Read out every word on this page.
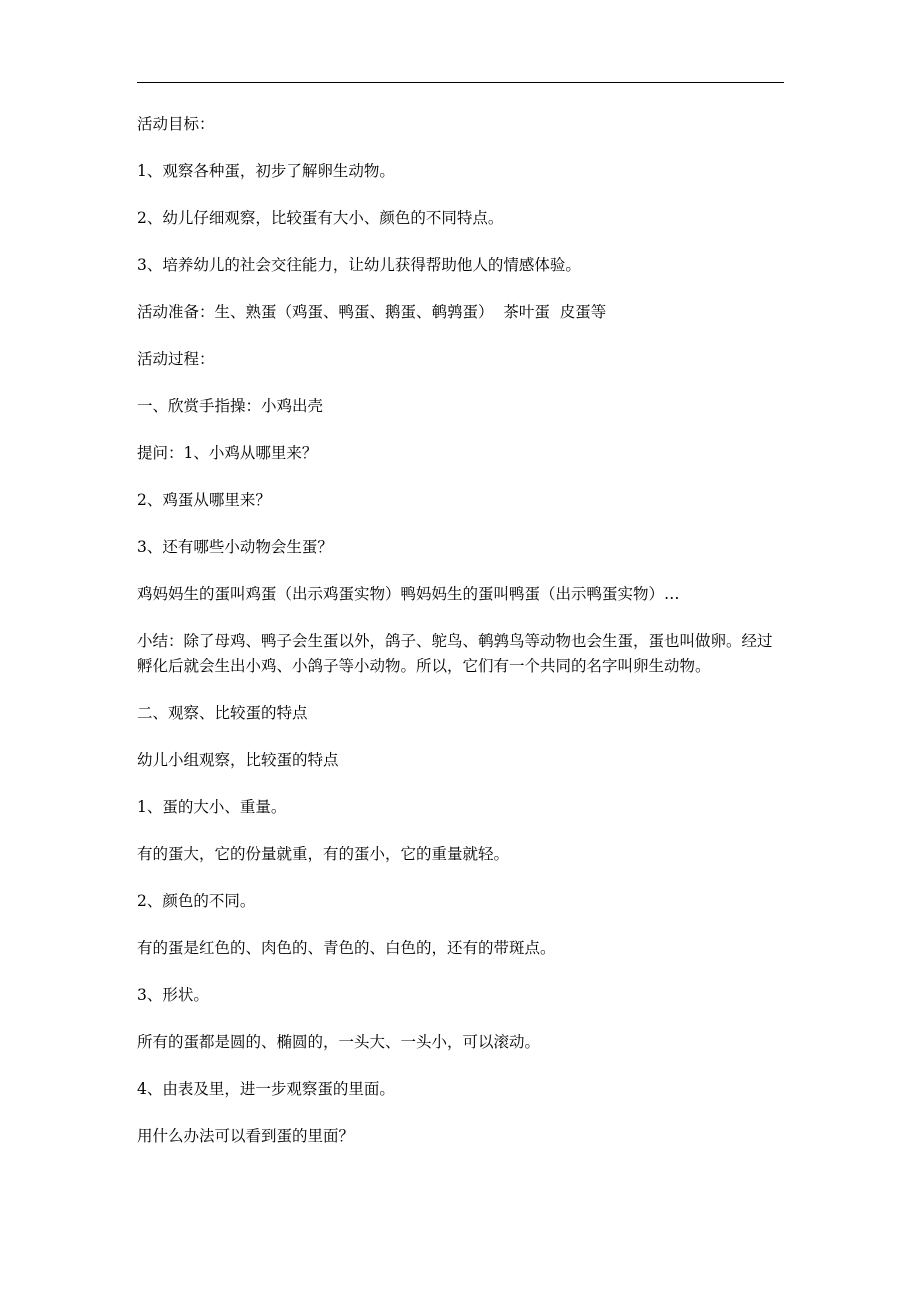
活动目标：

1、观察各种蛋，初步了解卵生动物。

2、幼儿仔细观察，比较蛋有大小、颜色的不同特点。

3、培养幼儿的社会交往能力，让幼儿获得帮助他人的情感体验。

活动准备：生、熟蛋（鸡蛋、鸭蛋、鹅蛋、鹌鹑蛋）  茶叶蛋  皮蛋等

活动过程：

一、欣赏手指操：小鸡出壳

提问：1、小鸡从哪里来？

2、鸡蛋从哪里来？

3、还有哪些小动物会生蛋？

鸡妈妈生的蛋叫鸡蛋（出示鸡蛋实物）鸭妈妈生的蛋叫鸭蛋（出示鸭蛋实物）…

小结：除了母鸡、鸭子会生蛋以外，鸽子、鸵鸟、鹌鹑鸟等动物也会生蛋，蛋也叫做卵。经过孵化后就会生出小鸡、小鸽子等小动物。所以，它们有一个共同的名字叫卵生动物。

二、观察、比较蛋的特点

幼儿小组观察，比较蛋的特点

1、蛋的大小、重量。

有的蛋大，它的份量就重，有的蛋小，它的重量就轻。

2、颜色的不同。

有的蛋是红色的、肉色的、青色的、白色的，还有的带斑点。

3、形状。

所有的蛋都是圆的、椭圆的，一头大、一头小，可以滚动。

4、由表及里，进一步观察蛋的里面。

用什么办法可以看到蛋的里面？
